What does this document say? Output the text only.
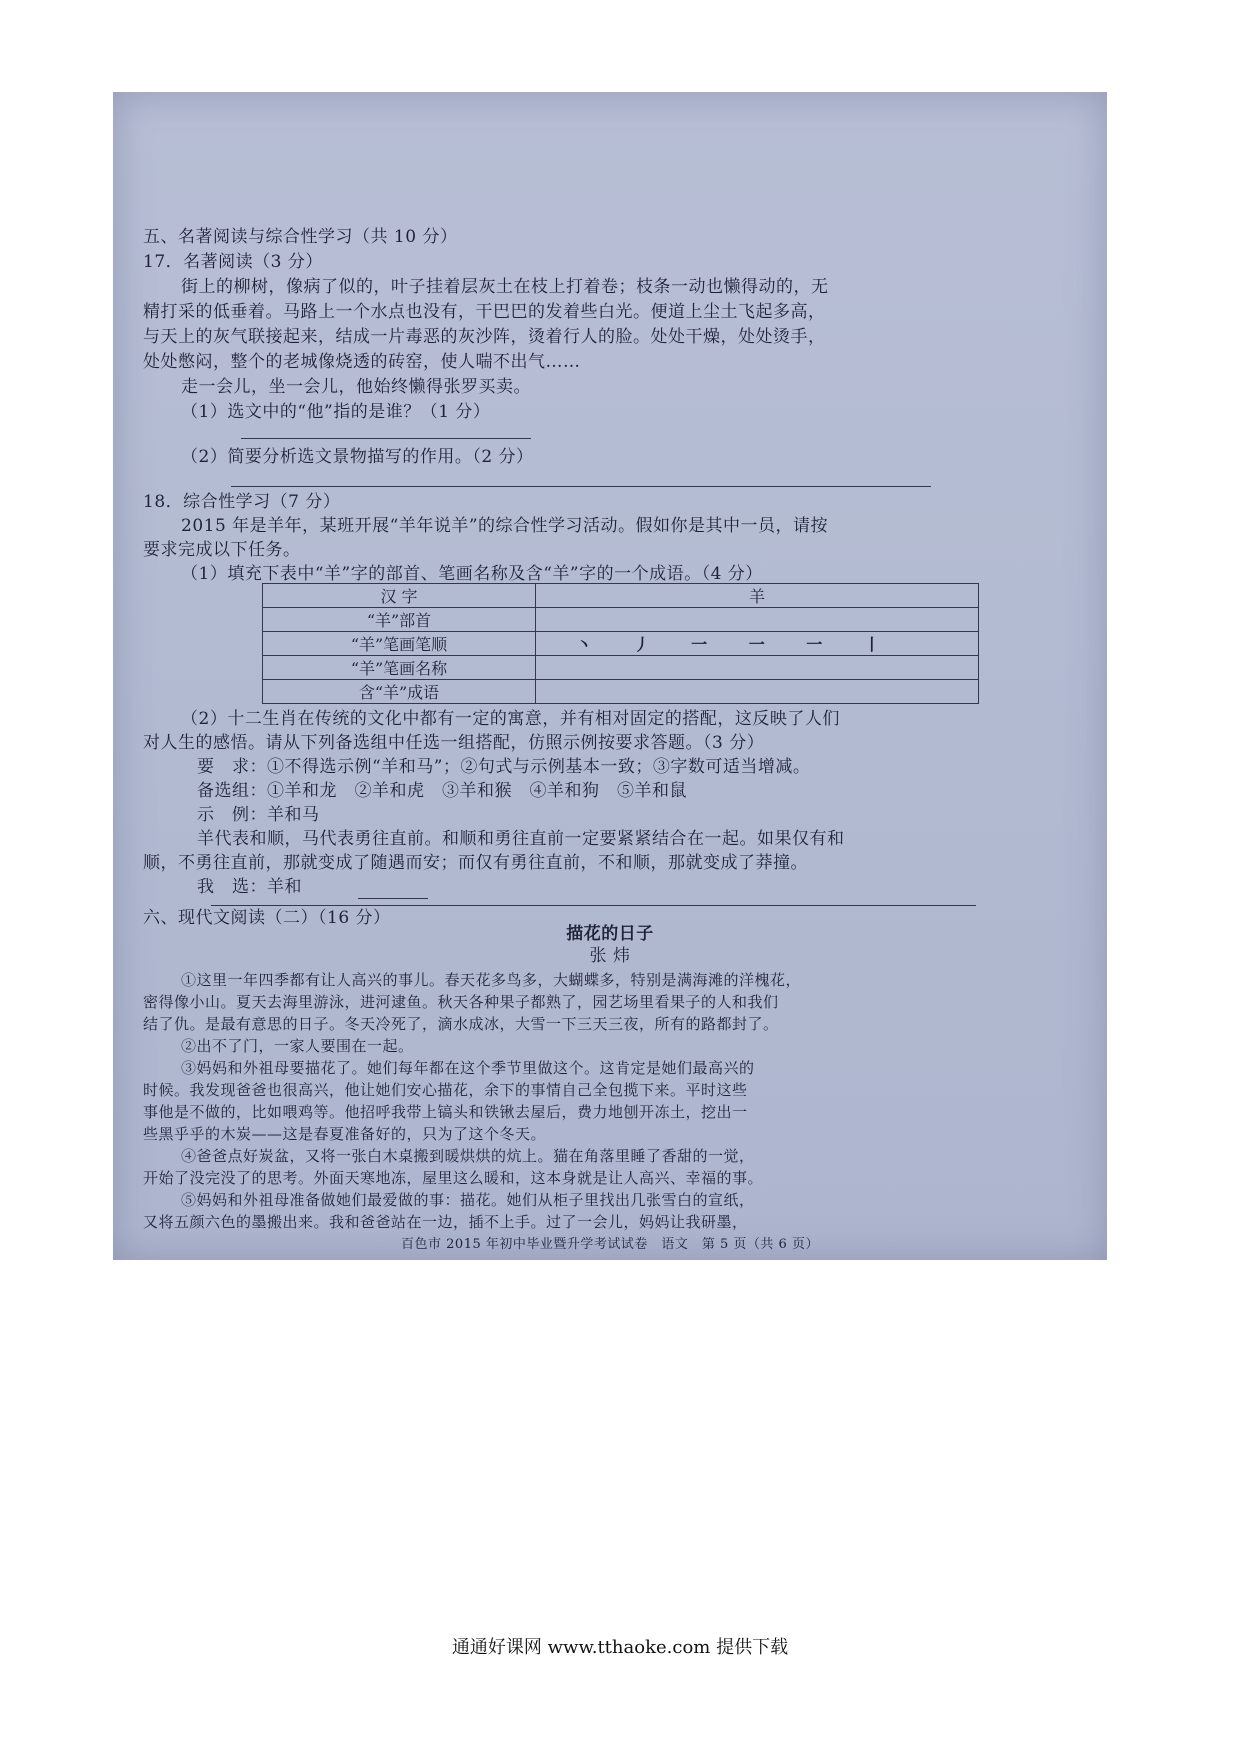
五、名著阅读与综合性学习（共 10 分）
17．名著阅读（3 分）
街上的柳树，像病了似的，叶子挂着层灰土在枝上打着卷；枝条一动也懒得动的，无
精打采的低垂着。马路上一个水点也没有，干巴巴的发着些白光。便道上尘土飞起多高，
与天上的灰气联接起来，结成一片毒恶的灰沙阵，烫着行人的脸。处处干燥，处处烫手，
处处憋闷，整个的老城像烧透的砖窑，使人喘不出气……
走一会儿，坐一会儿，他始终懒得张罗买卖。
（1）选文中的“他”指的是谁？（1 分）
（2）简要分析选文景物描写的作用。（2 分）
18．综合性学习（7 分）
2015 年是羊年，某班开展“羊年说羊”的综合性学习活动。假如你是其中一员，请按
要求完成以下任务。
（1）填充下表中“羊”字的部首、笔画名称及含“羊”字的一个成语。（4 分）
汉 字	羊
“羊”部首	
“羊”笔画笔顺	丶 丿 一 一 一 丨
“羊”笔画名称	
含“羊”成语	
（2）十二生肖在传统的文化中都有一定的寓意，并有相对固定的搭配，这反映了人们
对人生的感悟。请从下列备选组中任选一组搭配，仿照示例按要求答题。（3 分）
要　求：①不得选示例“羊和马”；②句式与示例基本一致；③字数可适当增减。
备选组：①羊和龙　②羊和虎　③羊和猴　④羊和狗　⑤羊和鼠
示　例：羊和马
羊代表和顺，马代表勇往直前。和顺和勇往直前一定要紧紧结合在一起。如果仅有和
顺，不勇往直前，那就变成了随遇而安；而仅有勇往直前，不和顺，那就变成了莽撞。
我　选：羊和
六、现代文阅读（二）（16 分）
描花的日子
张 炜
①这里一年四季都有让人高兴的事儿。春天花多鸟多，大蝴蝶多，特别是满海滩的洋槐花，
密得像小山。夏天去海里游泳，进河逮鱼。秋天各种果子都熟了，园艺场里看果子的人和我们
结了仇。是最有意思的日子。冬天冷死了，滴水成冰，大雪一下三天三夜，所有的路都封了。
②出不了门，一家人要围在一起。
③妈妈和外祖母要描花了。她们每年都在这个季节里做这个。这肯定是她们最高兴的
时候。我发现爸爸也很高兴，他让她们安心描花，余下的事情自己全包揽下来。平时这些
事他是不做的，比如喂鸡等。他招呼我带上镐头和铁锹去屋后，费力地刨开冻土，挖出一
些黑乎乎的木炭——这是春夏准备好的，只为了这个冬天。
④爸爸点好炭盆，又将一张白木桌搬到暖烘烘的炕上。猫在角落里睡了香甜的一觉，
开始了没完没了的思考。外面天寒地冻，屋里这么暖和，这本身就是让人高兴、幸福的事。
⑤妈妈和外祖母准备做她们最爱做的事：描花。她们从柜子里找出几张雪白的宣纸，
又将五颜六色的墨搬出来。我和爸爸站在一边，插不上手。过了一会儿，妈妈让我研墨，
百色市 2015 年初中毕业暨升学考试试卷　语文　第 5 页（共 6 页）
通通好课网 www.tthaoke.com 提供下载
